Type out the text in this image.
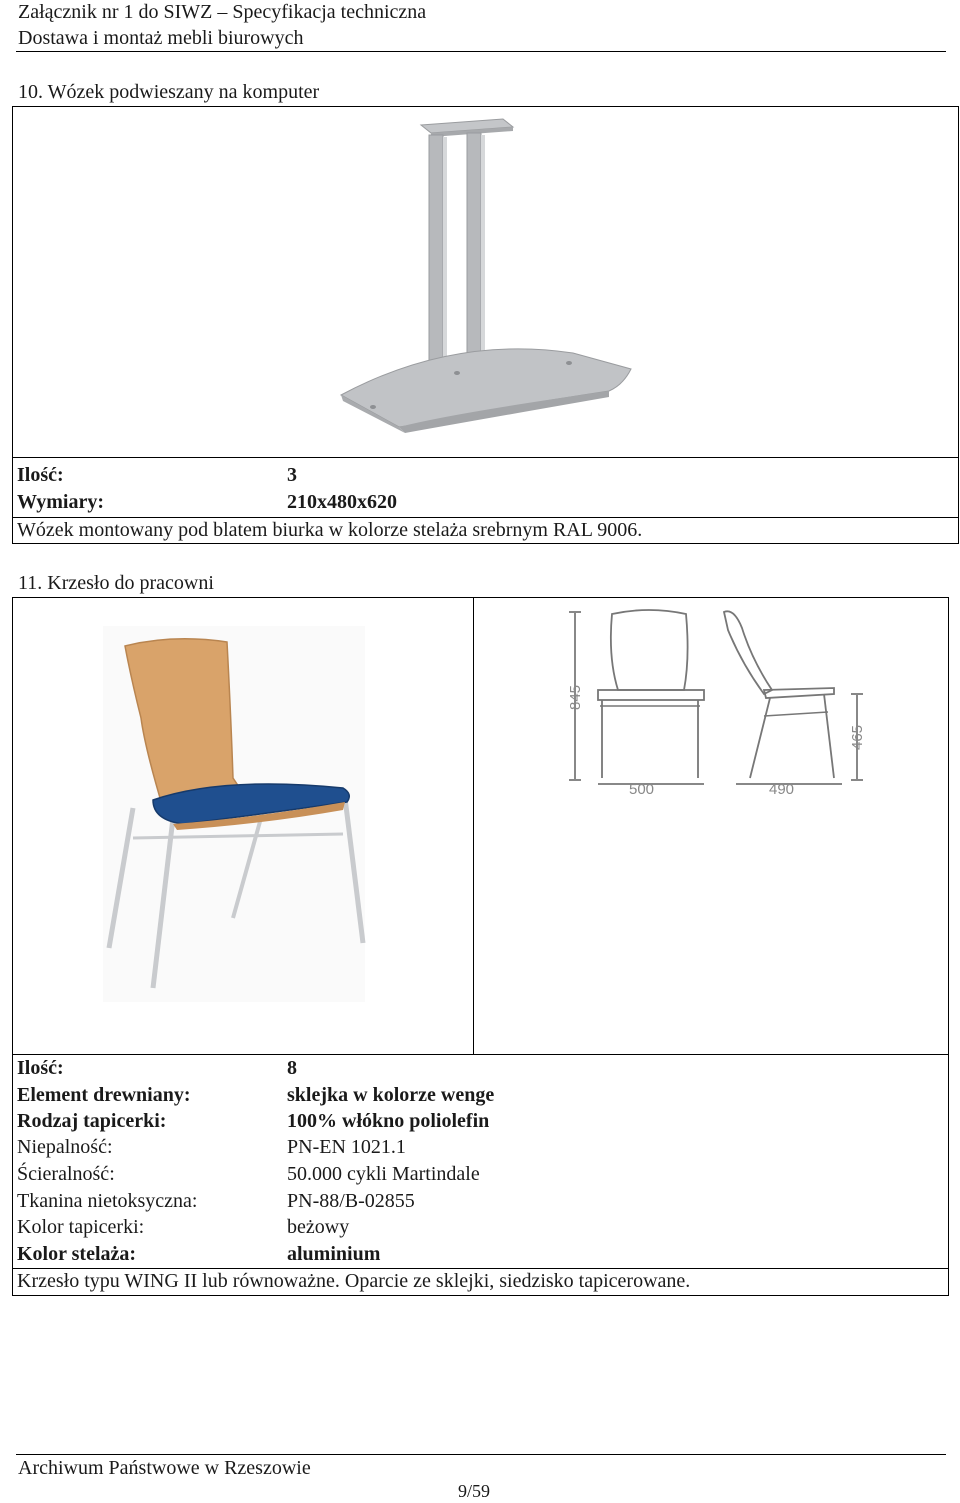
Załącznik nr 1 do SIWZ – Specyfikacja techniczna
Dostawa i montaż mebli biurowych
10. Wózek podwieszany na komputer
Ilość:	3
Wymiary:	210x480x620
Wózek montowany pod blatem biurka w kolorze stelaża srebrnym RAL 9006.
11. Krzesło do pracowni
845
500	490
465
Ilość:	8
Element drewniany:	sklejka w kolorze wenge
Rodzaj tapicerki:	100% włókno poliolefin
Niepalność:	PN-EN 1021.1
Ścieralność:	50.000 cykli Martindale
Tkanina nietoksyczna:	PN-88/B-02855
Kolor tapicerki:	beżowy
Kolor stelaża:	aluminium
Krzesło typu WING II lub równoważne. Oparcie ze sklejki, siedzisko tapicerowane.
Archiwum Państwowe w Rzeszowie
9/59
